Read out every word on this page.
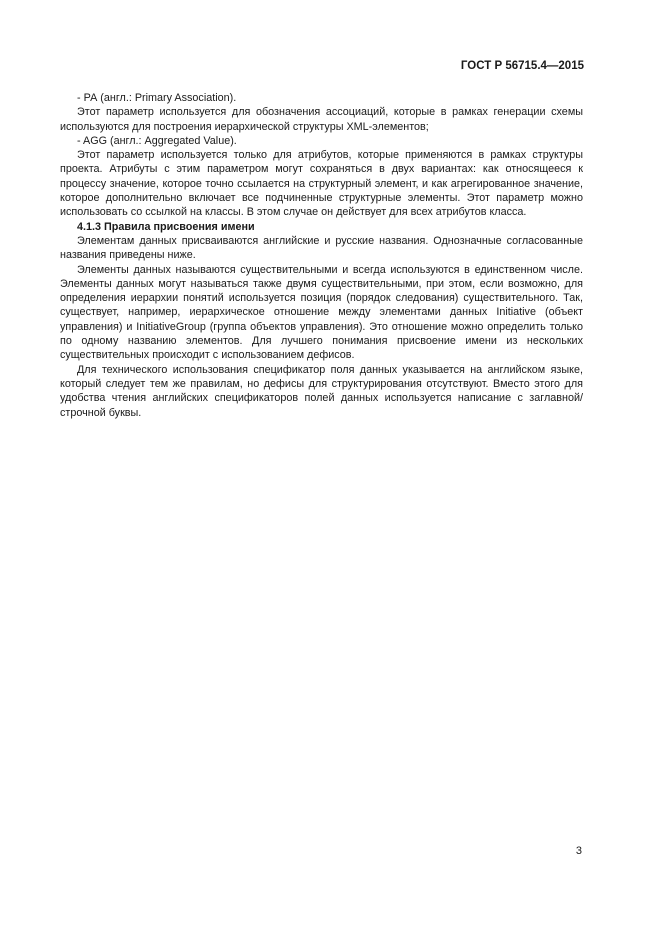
ГОСТ Р 56715.4—2015

- РА (англ.: Primary Association).

Этот параметр используется для обозначения ассоциаций, которые в рамках генерации схемы используются для построения иерархической структуры XML-элементов;

- AGG (англ.: Aggregated Value).

Этот параметр используется только для атрибутов, которые применяются в рамках структуры проекта. Атрибуты с этим параметром могут сохраняться в двух вариантах: как относящееся к процессу значение, которое точно ссылается на структурный элемент, и как агрегированное значение, которое дополнительно включает все подчиненные структурные элементы. Этот параметр можно использовать со ссылкой на классы. В этом случае он действует для всех атрибутов класса.

4.1.3 Правила присвоения имени

Элементам данных присваиваются английские и русские названия. Однозначные согласованные названия приведены ниже.

Элементы данных называются существительными и всегда используются в единственном числе. Элементы данных могут называться также двумя существительными, при этом, если возможно, для определения иерархии понятий используется позиция (порядок следования) существительного. Так, существует, например, иерархическое отношение между элементами данных Initiative (объект управления) и InitiativeGroup (группа объектов управления). Это отношение можно определить только по одному названию элементов. Для лучшего понимания присвоение имени из нескольких существительных происходит с использованием дефисов.

Для технического использования спецификатор поля данных указывается на английском языке, который следует тем же правилам, но дефисы для структурирования отсутствуют. Вместо этого для удобства чтения английских спецификаторов полей данных используется написание с заглавной/строчной буквы.

3
